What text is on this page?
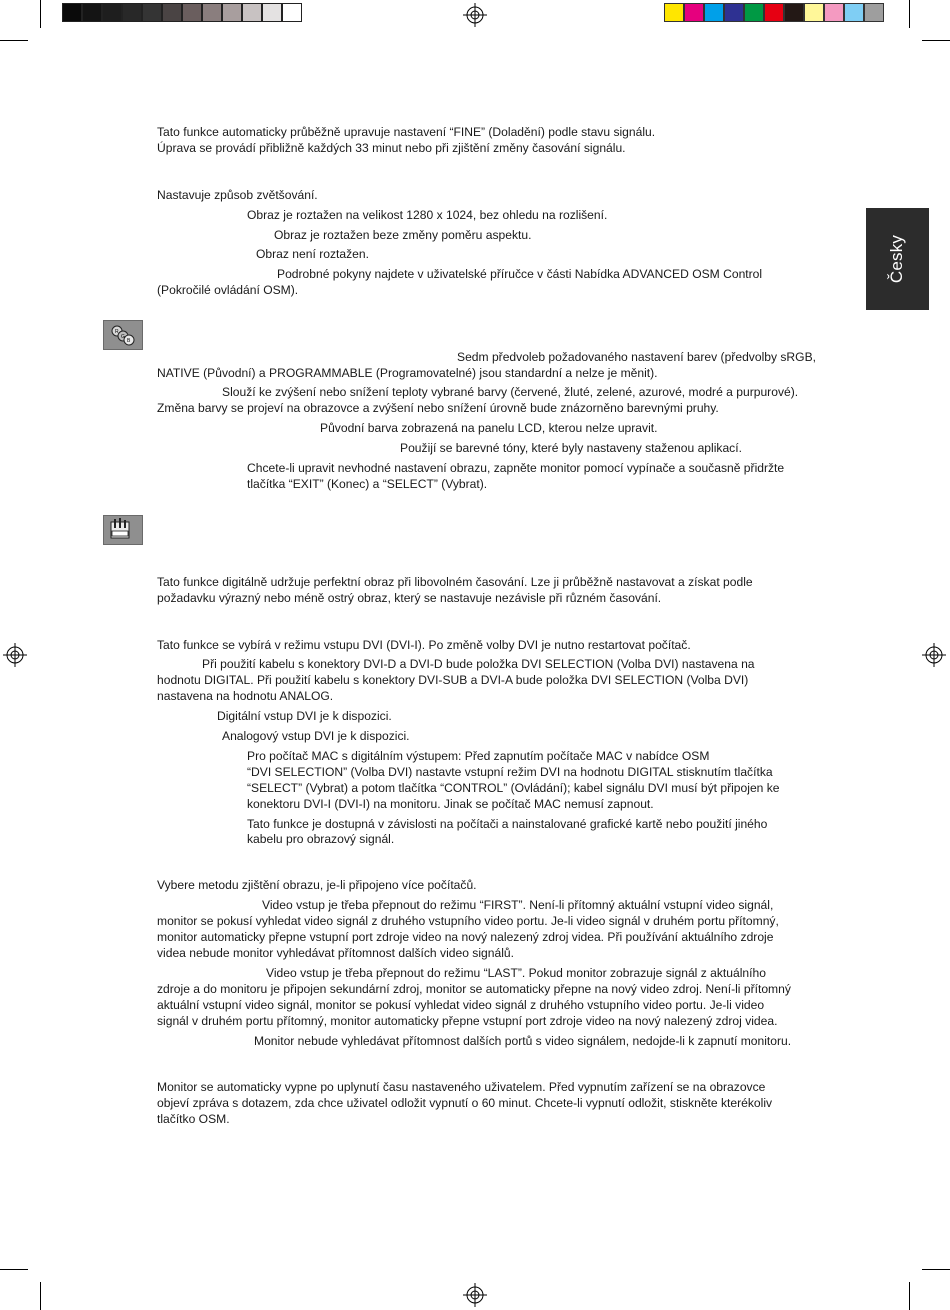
Česky
R
G
B
Tato funkce automaticky průběžně upravuje nastavení “FINE” (Doladění) podle stavu signálu.
Úprava se provádí přibližně každých 33 minut nebo při zjištění změny časování signálu.
Nastavuje způsob zvětšování.
Obraz je roztažen na velikost 1280 x 1024, bez ohledu na rozlišení.
Obraz je roztažen beze změny poměru aspektu.
Obraz není roztažen.
Podrobné pokyny najdete v uživatelské příručce v části Nabídka ADVANCED OSM Control
(Pokročilé ovládání OSM).
Sedm předvoleb požadovaného nastavení barev (předvolby sRGB,
NATIVE (Původní) a PROGRAMMABLE (Programovatelné) jsou standardní a nelze je měnit).
Slouží ke zvýšení nebo snížení teploty vybrané barvy (červené, žluté, zelené, azurové, modré a purpurové).
Změna barvy se projeví na obrazovce a zvýšení nebo snížení úrovně bude znázorněno barevnými pruhy.
Původní barva zobrazená na panelu LCD, kterou nelze upravit.
Použijí se barevné tóny, které byly nastaveny staženou aplikací.
Chcete-li upravit nevhodné nastavení obrazu, zapněte monitor pomocí vypínače a současně přidržte
tlačítka “EXIT” (Konec) a “SELECT” (Vybrat).
Tato funkce digitálně udržuje perfektní obraz při libovolném časování. Lze ji průběžně nastavovat a získat podle
požadavku výrazný nebo méně ostrý obraz, který se nastavuje nezávisle při různém časování.
Tato funkce se vybírá v režimu vstupu DVI (DVI-I). Po změně volby DVI je nutno restartovat počítač.
Při použití kabelu s konektory DVI-D a DVI-D bude položka DVI SELECTION (Volba DVI) nastavena na
hodnotu DIGITAL. Při použití kabelu s konektory DVI-SUB a DVI-A bude položka DVI SELECTION (Volba DVI)
nastavena na hodnotu ANALOG.
Digitální vstup DVI je k dispozici.
Analogový vstup DVI je k dispozici.
Pro počítač MAC s digitálním výstupem: Před zapnutím počítače MAC v nabídce OSM
“DVI SELECTION” (Volba DVI) nastavte vstupní režim DVI na hodnotu DIGITAL stisknutím tlačítka
“SELECT” (Vybrat) a potom tlačítka “CONTROL” (Ovládání); kabel signálu DVI musí být připojen ke
konektoru DVI-I (DVI-I) na monitoru. Jinak se počítač MAC nemusí zapnout.
Tato funkce je dostupná v závislosti na počítači a nainstalované grafické kartě nebo použití jiného
kabelu pro obrazový signál.
Vybere metodu zjištění obrazu, je-li připojeno více počítačů.
Video vstup je třeba přepnout do režimu “FIRST”. Není-li přítomný aktuální vstupní video signál,
monitor se pokusí vyhledat video signál z druhého vstupního video portu. Je-li video signál v druhém portu přítomný,
monitor automaticky přepne vstupní port zdroje video na nový nalezený zdroj videa. Při používání aktuálního zdroje
videa nebude monitor vyhledávat přítomnost dalších video signálů.
Video vstup je třeba přepnout do režimu “LAST”. Pokud monitor zobrazuje signál z aktuálního
zdroje a do monitoru je připojen sekundární zdroj, monitor se automaticky přepne na nový video zdroj. Není-li přítomný
aktuální vstupní video signál, monitor se pokusí vyhledat video signál z druhého vstupního video portu. Je-li video
signál v druhém portu přítomný, monitor automaticky přepne vstupní port zdroje video na nový nalezený zdroj videa.
Monitor nebude vyhledávat přítomnost dalších portů s video signálem, nedojde-li k zapnutí monitoru.
Monitor se automaticky vypne po uplynutí času nastaveného uživatelem. Před vypnutím zařízení se na obrazovce
objeví zpráva s dotazem, zda chce uživatel odložit vypnutí o 60 minut. Chcete-li vypnutí odložit, stiskněte kterékoliv
tlačítko OSM.
